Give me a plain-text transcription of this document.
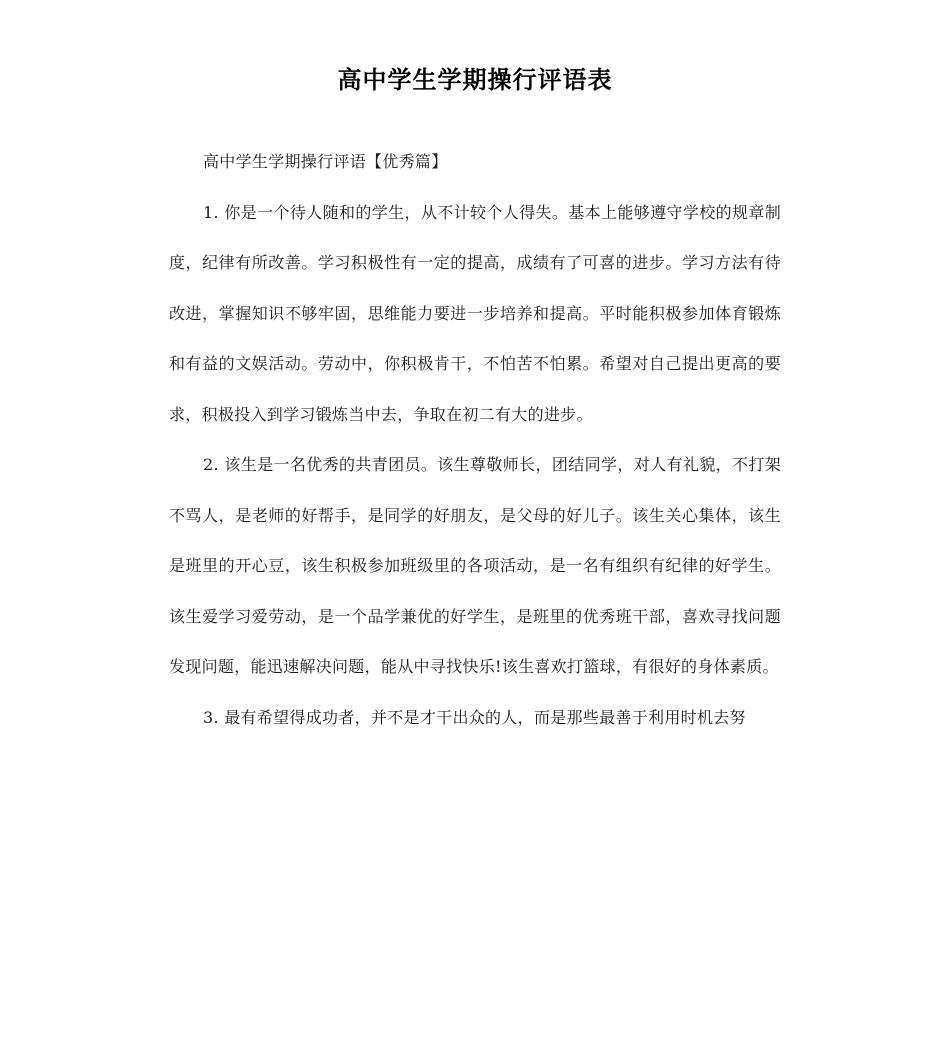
高中学生学期操行评语表

高中学生学期操行评语【优秀篇】

1. 你是一个待人随和的学生，从不计较个人得失。基本上能够遵守学校的规章制度，纪律有所改善。学习积极性有一定的提高，成绩有了可喜的进步。学习方法有待改进，掌握知识不够牢固，思维能力要进一步培养和提高。平时能积极参加体育锻炼和有益的文娱活动。劳动中，你积极肯干，不怕苦不怕累。希望对自己提出更高的要求，积极投入到学习锻炼当中去，争取在初二有大的进步。

2. 该生是一名优秀的共青团员。该生尊敬师长，团结同学，对人有礼貌，不打架不骂人，是老师的好帮手，是同学的好朋友，是父母的好儿子。该生关心集体，该生是班里的开心豆，该生积极参加班级里的各项活动，是一名有组织有纪律的好学生。该生爱学习爱劳动，是一个品学兼优的好学生，是班里的优秀班干部，喜欢寻找问题发现问题，能迅速解决问题，能从中寻找快乐!该生喜欢打篮球，有很好的身体素质。

3. 最有希望得成功者，并不是才干出众的人，而是那些最善于利用时机去努
